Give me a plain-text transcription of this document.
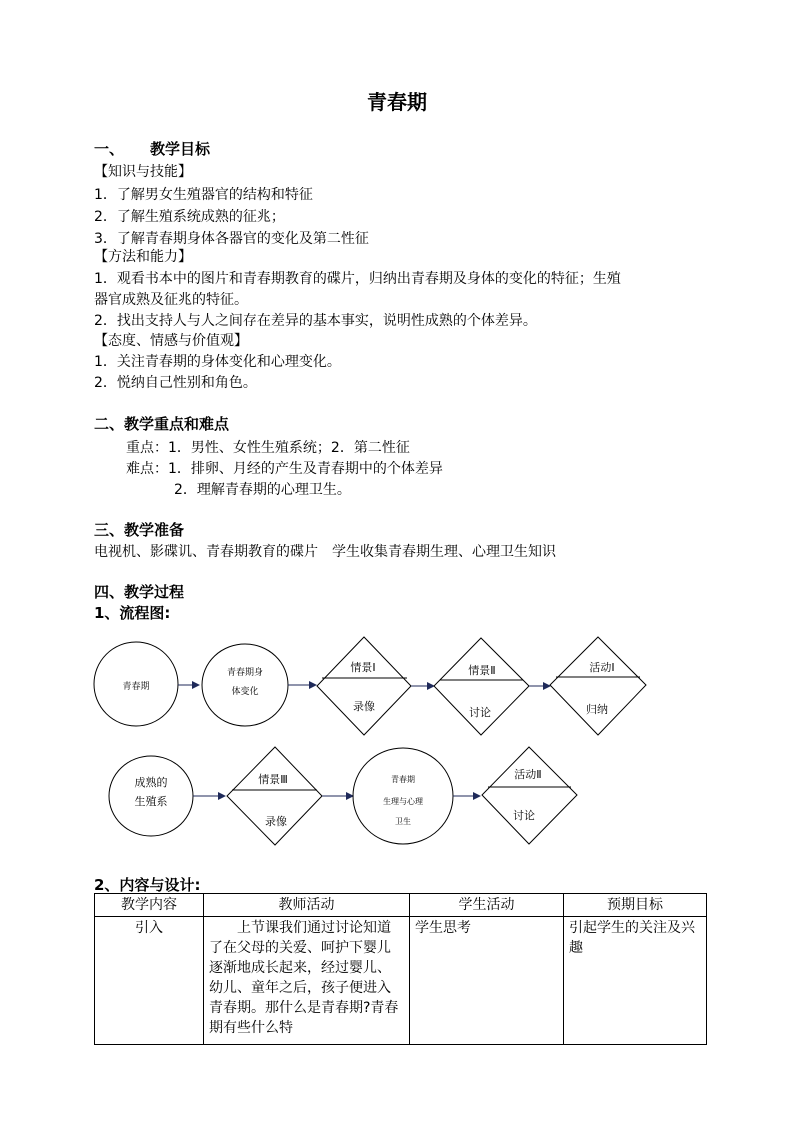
青春期
一、 教学目标
【知识与技能】
1．了解男女生殖器官的结构和特征
2．了解生殖系统成熟的征兆；
3．了解青春期身体各器官的变化及第二性征
【方法和能力】
1．观看书本中的图片和青春期教育的碟片，归纳出青春期及身体的变化的特征；生殖
器官成熟及征兆的特征。
2．找出支持人与人之间存在差异的基本事实，说明性成熟的个体差异。
【态度、情感与价值观】
1．关注青春期的身体变化和心理变化。
2．悦纳自己性别和角色。
二、教学重点和难点
重点：1．男性、女性生殖系统；2．第二性征
难点：1．排卵、月经的产生及青春期中的个体差异
2．理解青春期的心理卫生。
三、教学准备
电视机、影碟讥、青春期教育的碟片　学生收集青春期生理、心理卫生知识
四、教学过程
1、流程图:
青春期
青春期身
体变化
情景Ⅰ
录像
情景Ⅱ
讨论
活动Ⅰ
归纳
成熟的
生殖系
情景Ⅲ
录像
青春期
生理与心理
卫生
活动Ⅱ
讨论
2、内容与设计:
教学内容	教师活动	学生活动	预期目标
引入	上节课我们通过讨论知道了在父母的关爱、呵护下婴儿逐渐地成长起来，经过婴儿、幼儿、童年之后，孩子便进入青春期。那什么是青春期?青春期有些什么特	学生思考	引起学生的关注及兴趣
